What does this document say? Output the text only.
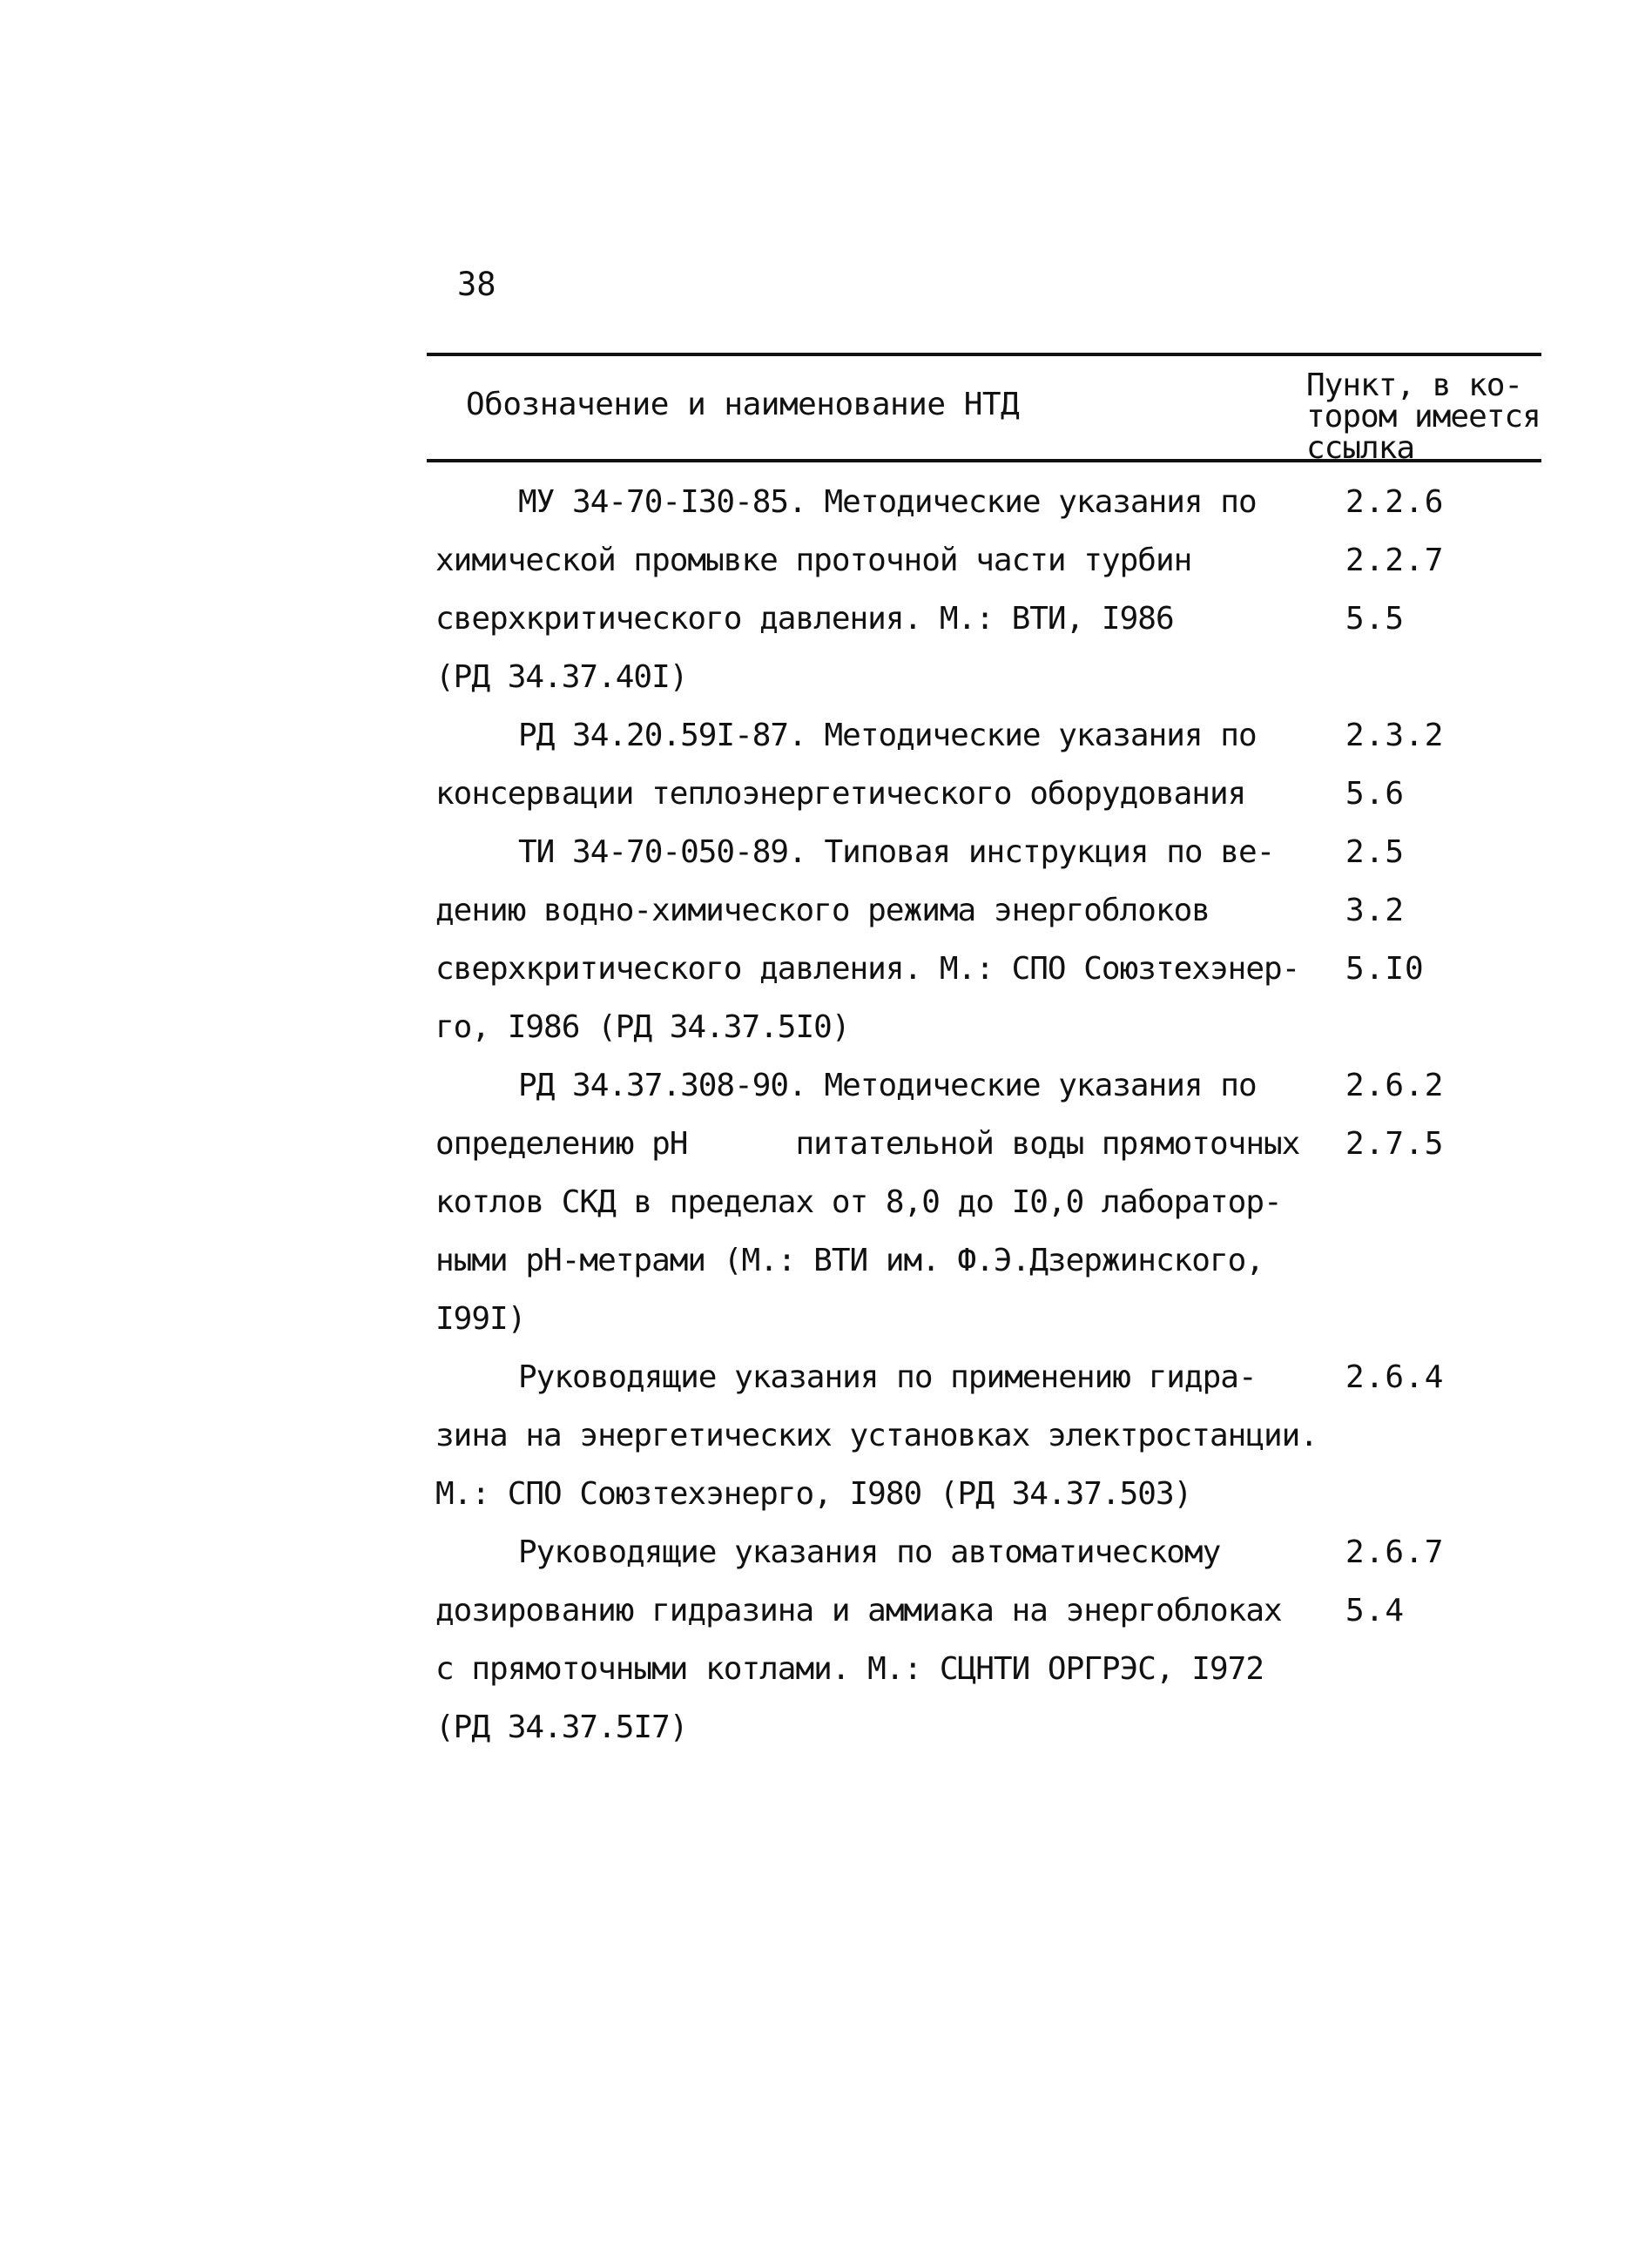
38
Обозначение и наименование НТД
Пункт, в ко-
тором имеется
ссылка
МУ 34-70-I30-85. Методические указания по	2.2.6
химической промывке проточной части турбин	2.2.7
сверхкритического давления. М.: ВТИ, I986	5.5
(РД 34.37.40I)
РД 34.20.59I-87. Методические указания по	2.3.2
консервации теплоэнергетического оборудования	5.6
ТИ 34-70-050-89. Типовая инструкция по ве-	2.5
дению водно-химического режима энергоблоков	3.2
сверхкритического давления. М.: СПО Союзтехэнер- 5.I0
го, I986 (РД 34.37.5I0)
РД 34.37.308-90. Методические указания по	2.6.2
определению pH      питательной воды прямоточных 2.7.5
котлов СКД в пределах от 8,0 до I0,0 лаборатор-
ными pH-метрами (М.: ВТИ им. Ф.Э.Дзержинского,
I99I)
Руководящие указания по применению гидра-	2.6.4
зина на энергетических установках электростанции.
М.: СПО Союзтехэнерго, I980 (РД 34.37.503)
Руководящие указания по автоматическому	2.6.7
дозированию гидразина и аммиака на энергоблоках	5.4
с прямоточными котлами. М.: СЦНТИ ОРГРЭС, I972
(РД 34.37.5I7)
